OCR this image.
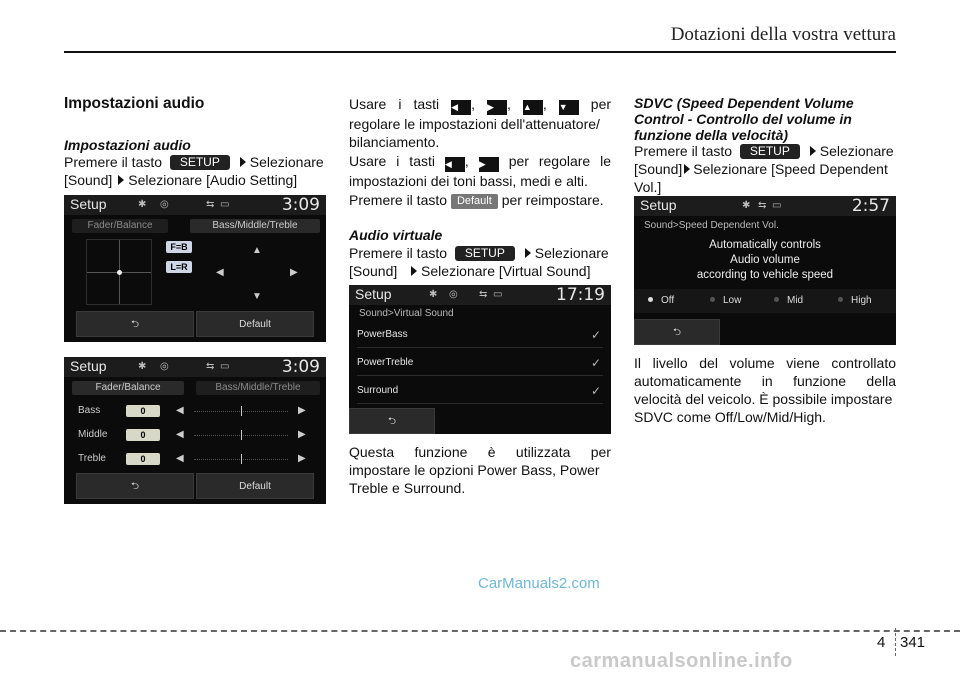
Dotazioni della vostra vettura
Impostazioni audio
Impostazioni audio
Premere il tasto SETUP Selezionare
[Sound] Selezionare [Audio Setting]
Setup	✱ ◎	⇆ ▭	3:09
Fader/Balance	Bass/Middle/Treble
F=B
L=R
▲
◀	▶
▼
⮌	Default
Setup	✱ ◎	⇆ ▭	3:09
Fader/Balance	Bass/Middle/Treble
Bass	0	◀	▶
Middle	0	◀	▶
Treble	0	◀	▶
⮌	Default
Usare i tasti ◀ , ▶ , ▲ , ▼ per
regolare le impostazioni dell'attenuatore/
bilanciamento.
Usare i tasti ◀ , ▶ per regolare le
impostazioni dei toni bassi, medi e alti.
Premere il tasto Default per reimpostare.
Audio virtuale
Premere il tasto SETUP Selezionare
[Sound] Selezionare [Virtual Sound]
Setup	✱ ◎ ⇆ ▭	17:19
Sound>Virtual Sound
PowerBass	✓
PowerTreble	✓
Surround	✓
⮌
Questa funzione è utilizzata per
impostare le opzioni Power Bass, Power
Treble e Surround.
SDVC (Speed Dependent Volume
Control - Controllo del volume in
funzione della velocità)
Premere il tasto SETUP Selezionare
[Sound] Selezionare [Speed Dependent
Vol.]
Setup	✱ ⇆ ▭	2:57
Sound>Speed Dependent Vol.
Automatically controls
Audio volume
according to vehicle speed
Off	Low	Mid	High
⮌
Il livello del volume viene controllato
automaticamente in funzione della
velocità del veicolo. È possibile impostare
SDVC come Off/Low/Mid/High.
CarManuals2.com
4 341
carmanualsonline.info
